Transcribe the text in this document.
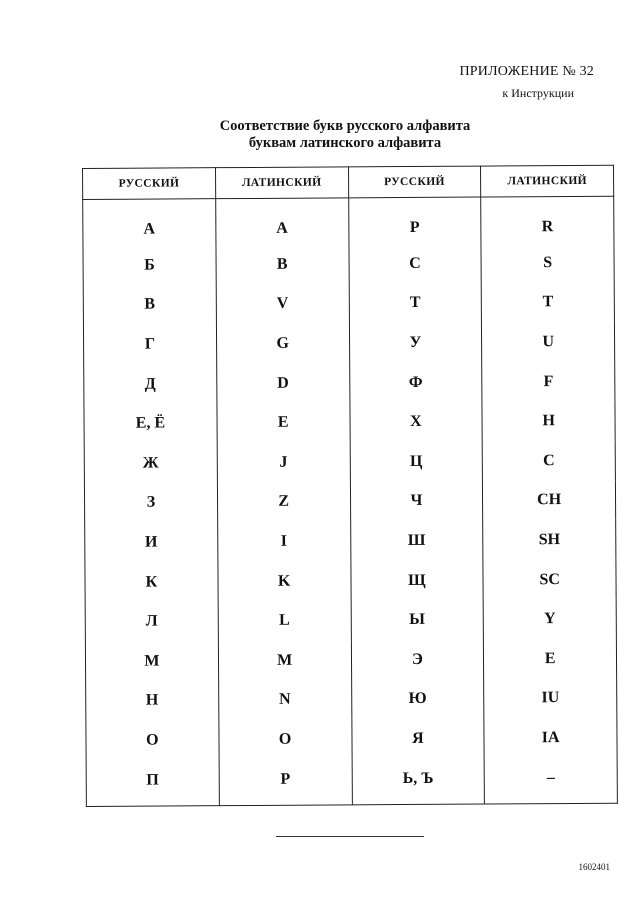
ПРИЛОЖЕНИЕ № 32
к Инструкции
Соответствие букв русского алфавита
буквам латинского алфавита
РУССКИЙ	ЛАТИНСКИЙ	РУССКИЙ	ЛАТИНСКИЙ
А	A	Р	R
Б	B	С	S
В	V	Т	T
Г	G	У	U
Д	D	Ф	F
Е, Ё	E	Х	H
Ж	J	Ц	C
З	Z	Ч	CH
И	I	Ш	SH
К	K	Щ	SC
Л	L	Ы	Y
М	M	Э	E
Н	N	Ю	IU
О	O	Я	IA
П	P	Ь, Ъ	–
1602401
